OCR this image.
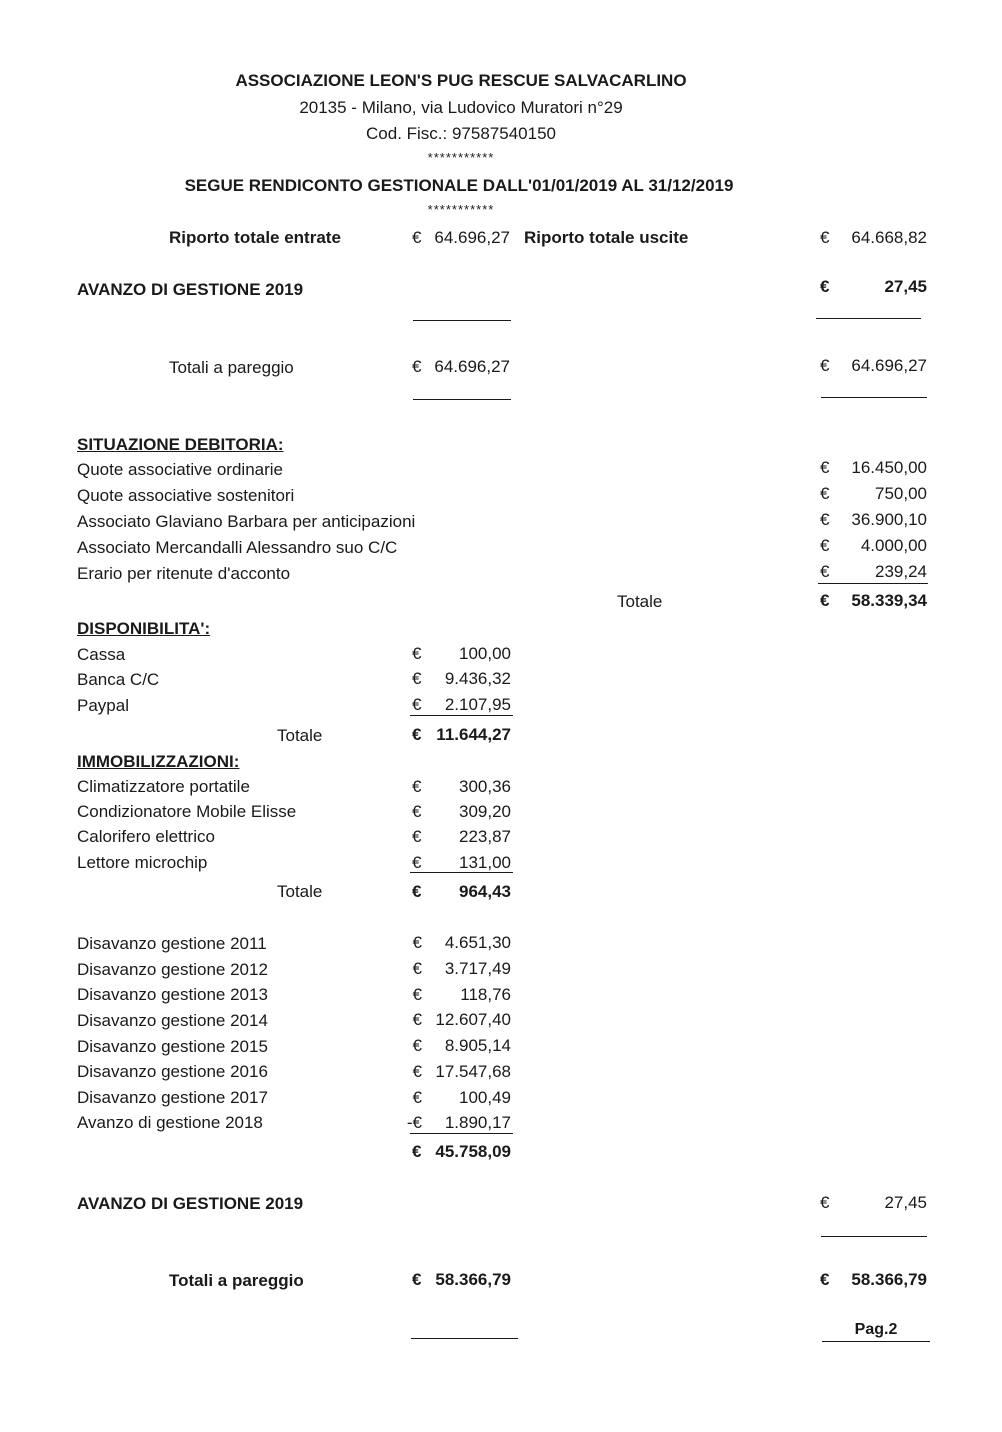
ASSOCIAZIONE LEON'S PUG RESCUE SALVACARLINO
20135 - Milano, via Ludovico Muratori n°29
Cod. Fisc.: 97587540150
***********
SEGUE RENDICONTO GESTIONALE DALL'01/01/2019 AL 31/12/2019
***********
Riporto totale entrate	€ 64.696,27 Riporto totale uscite	€	64.668,82
AVANZO DI GESTIONE 2019	€	27,45
Totali a pareggio	€ 64.696,27	€	64.696,27
SITUAZIONE DEBITORIA:
Quote associative ordinarie	€	16.450,00
Quote associative sostenitori	€	750,00
Associato Glaviano Barbara per anticipazioni	€	36.900,10
Associato Mercandalli Alessandro suo C/C	€	4.000,00
Erario per ritenute d'acconto	€	239,24
Totale	€	58.339,34
DISPONIBILITA':
Cassa	€	100,00
Banca C/C	€	9.436,32
Paypal	€	2.107,95
Totale	€ 11.644,27
IMMOBILIZZAZIONI:
Climatizzatore portatile	€	300,36
Condizionatore Mobile Elisse	€	309,20
Calorifero elettrico	€	223,87
Lettore microchip	€	131,00
Totale	€	964,43
Disavanzo gestione 2011	€	4.651,30
Disavanzo gestione 2012	€	3.717,49
Disavanzo gestione 2013	€	118,76
Disavanzo gestione 2014	€ 12.607,40
Disavanzo gestione 2015	€	8.905,14
Disavanzo gestione 2016	€ 17.547,68
Disavanzo gestione 2017	€	100,49
Avanzo di gestione 2018	-€	1.890,17
€ 45.758,09
AVANZO DI GESTIONE 2019	€	27,45
Totali a pareggio	€ 58.366,79	€	58.366,79
Pag.2
